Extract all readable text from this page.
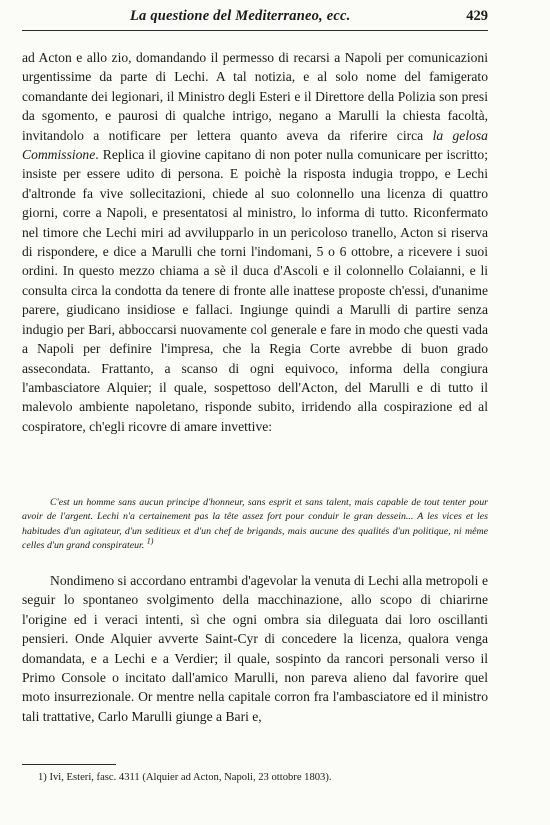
La questione del Mediterraneo, ecc.	429
ad Acton e allo zio, domandando il permesso di recarsi a Napoli per comunicazioni urgentissime da parte di Lechi. A tal notizia, e al solo nome del famigerato comandante dei legionari, il Ministro degli Esteri e il Direttore della Polizia son presi da sgomento, e paurosi di qualche intrigo, negano a Marulli la chiesta facoltà, invitandolo a notificare per lettera quanto aveva da riferire circa la gelosa Commissione. Replica il giovine capitano di non poter nulla comunicare per iscritto; insiste per essere udito di persona. E poichè la risposta indugia troppo, e Lechi d'altronde fa vive sollecitazioni, chiede al suo colonnello una licenza di quattro giorni, corre a Napoli, e presentatosi al ministro, lo informa di tutto. Riconfermato nel timore che Lechi miri ad avvilupparlo in un pericoloso tranello, Acton si riserva di rispondere, e dice a Marulli che torni l'indomani, 5 o 6 ottobre, a ricevere i suoi ordini. In questo mezzo chiama a sè il duca d'Ascoli e il colonnello Colaianni, e li consulta circa la condotta da tenere di fronte alle inattese proposte ch'essi, d'unanime parere, giudicano insidiose e fallaci. Ingiunge quindi a Marulli di partire senza indugio per Bari, abboccarsi nuovamente col generale e fare in modo che questi vada a Napoli per definire l'impresa, che la Regia Corte avrebbe di buon grado assecondata. Frattanto, a scanso di ogni equivoco, informa della congiura l'ambasciatore Alquier; il quale, sospettoso dell'Acton, del Marulli e di tutto il malevolo ambiente napoletano, risponde subito, irridendo alla cospirazione ed al cospiratore, ch'egli ricovre di amare invettive:
C'est un homme sans aucun principe d'honneur, sans esprit et sans talent, mais capable de tout tenter pour avoir de l'argent. Lechi n'a certainement pas la tête assez fort pour conduir le gran dessein... A les vices et les habitudes d'un agitateur, d'un seditieux et d'un chef de brigands, mais aucune des qualités d'un politique, ni même celles d'un grand conspirateur. $^{1)}$
Nondimeno si accordano entrambi d'agevolar la venuta di Lechi alla metropoli e seguir lo spontaneo svolgimento della macchinazione, allo scopo di chiarirne l'origine ed i veraci intenti, sì che ogni ombra sia dileguata dai loro oscillanti pensieri. Onde Alquier avverte Saint-Cyr di concedere la licenza, qualora venga domandata, e a Lechi e a Verdier; il quale, sospinto da rancori personali verso il Primo Console o incitato dall'amico Marulli, non pareva alieno dal favorire quel moto insurrezionale. Or mentre nella capitale corron fra l'ambasciatore ed il ministro tali trattative, Carlo Marulli giunge a Bari e,
1) Ivi, Esteri, fasc. 4311 (Alquier ad Acton, Napoli, 23 ottobre 1803).
